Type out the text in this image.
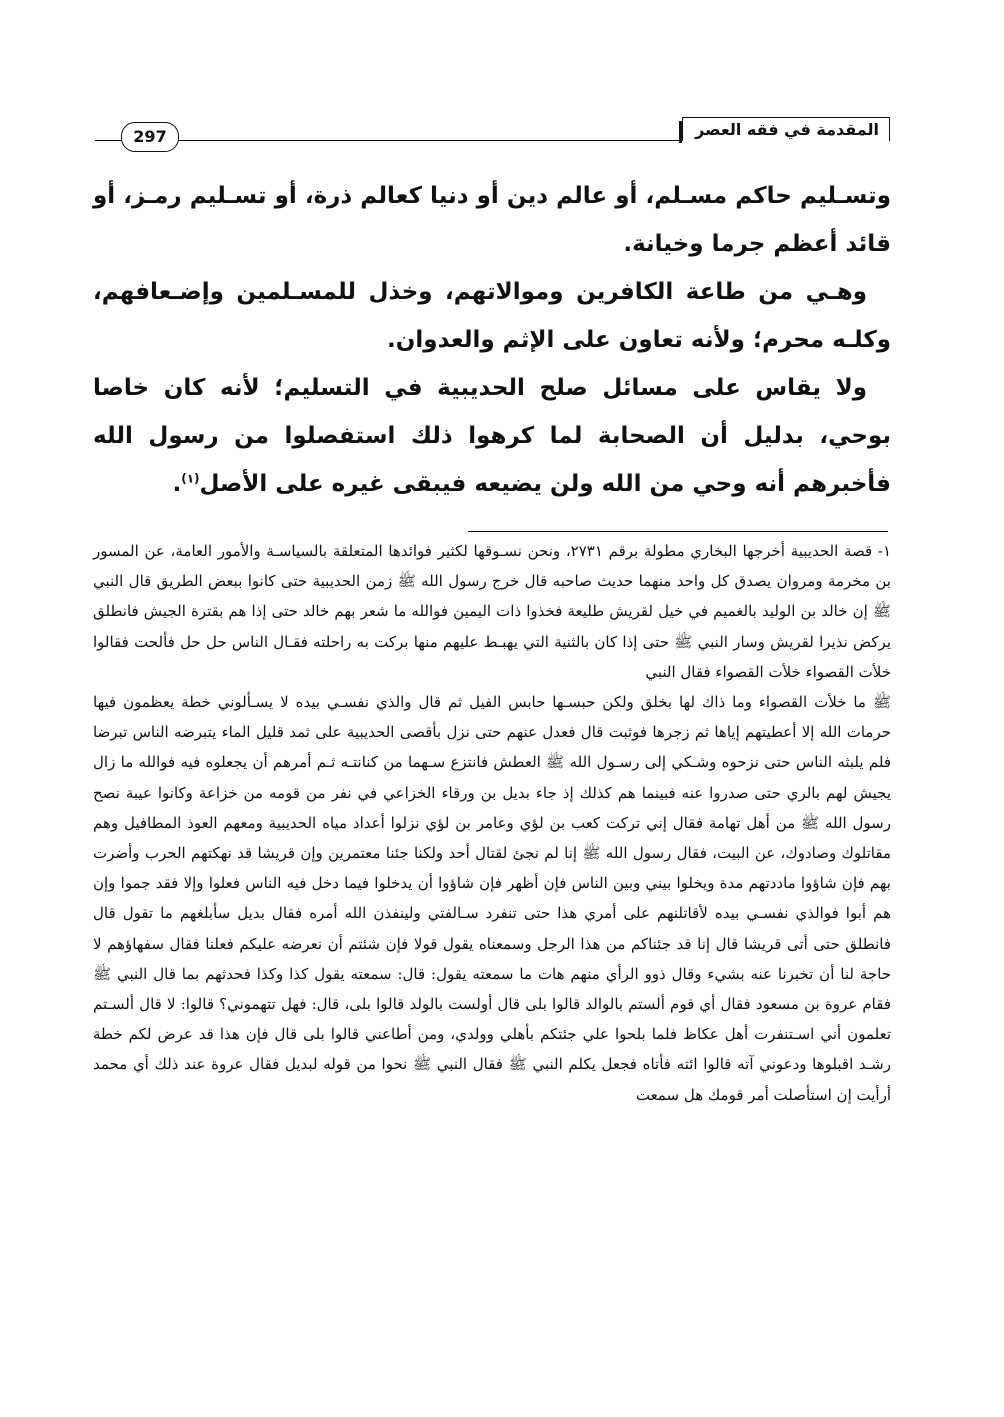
297	المقدمة في فقه العصر

وتسـليم حاكم مسـلم، أو عالم دين أو دنيا كعالم ذرة، أو تسـليم رمـز، أو قائد أعظم جرما وخيانة.

وهـي من طاعة الكافرين وموالاتهم، وخذل للمسـلمين وإضـعافهم، وكلـه محرم؛ ولأنه تعاون على الإثم والعدوان.

ولا يقاس على مسائل صلح الحديبية في التسليم؛ لأنه كان خاصا بوحي، بدليل أن الصحابة لما كرهوا ذلك استفصلوا من رسول الله فأخبرهم أنه وحي من الله ولن يضيعه فيبقى غيره على الأصل$^{(١)}$.

١- قصة الحديبية أخرجها البخاري مطولة برقم ٢٧٣١، ونحن نسـوقها لكثير فوائدها المتعلقة بالسياسـة والأمور العامة، عن المسور بن مخرمة ومروان يصدق كل واحد منهما حديث صاحبه قال خرج رسول الله ﷺ زمن الحديبية حتى كانوا ببعض الطريق قال النبي ﷺ إن خالد بن الوليد بالغميم في خيل لقريش طليعة فخذوا ذات اليمين فوالله ما شعر بهم خالد حتى إذا هم بقترة الجيش فانطلق يركض نذيرا لقريش وسار النبي ﷺ حتى إذا كان بالثنية التي يهبـط عليهم منها بركت به راحلته فقـال الناس حل حل فألحت فقالوا خلأت القصواء خلأت القصواء فقال النبي

ﷺ ما خلأت القصواء وما ذاك لها بخلق ولكن حبسـها حابس الفيل ثم قال والذي نفسـي بيده لا يسـألوني خطة يعظمون فيها حرمات الله إلا أعطيتهم إياها ثم زجرها فوثبت قال فعدل عنهم حتى نزل بأقصى الحديبية على ثمد قليل الماء يتبرضه الناس تبرضا فلم يلبثه الناس حتى نزحوه وشـكي إلى رسـول الله ﷺ العطش فانتزع سـهما من كنانتـه ثـم أمرهم أن يجعلوه فيه فوالله ما زال يجيش لهم بالري حتى صدروا عنه فبينما هم كذلك إذ جاء بديل بن ورقاء الخزاعي في نفر من قومه من خزاعة وكانوا عيبة نصح رسول الله ﷺ من أهل تهامة فقال إني تركت كعب بن لؤي وعامر بن لؤي نزلوا أعداد مياه الحديبية ومعهم العوذ المطافيل وهم مقاتلوك وصادوك، عن البيت، فقال رسول الله ﷺ إنا لم نجئ لقتال أحد ولكنا جئنا معتمرين وإن قريشا قد نهكتهم الحرب وأضرت بهم فإن شاؤوا ماددتهم مدة ويخلوا بيني وبين الناس فإن أظهر فإن شاؤوا أن يدخلوا فيما دخل فيه الناس فعلوا وإلا فقد جموا وإن هم أبوا فوالذي نفسـي بيده لأقاتلنهم على أمري هذا حتى تنفرد سـالفتي ولينفذن الله أمره فقال بديل سأبلغهم ما تقول قال فانطلق حتى أتى قريشا قال إنا قد جئناكم من هذا الرجل وسمعناه يقول قولا فإن شئتم أن نعرضه عليكم فعلنا فقال سفهاؤهم لا حاجة لنا أن تخبرنا عنه بشيء وقال ذوو الرأي منهم هات ما سمعته يقول: قال: سمعته يقول كذا وكذا فحدثهم بما قال النبي ﷺ فقام عروة بن مسعود فقال أي قوم ألستم بالوالد قالوا بلى قال أولست بالولد قالوا بلى، قال: فهل تتهموني؟ قالوا: لا قال ألسـتم تعلمون أني اسـتنفرت أهل عكاظ فلما بلحوا علي جئتكم بأهلي وولدي، ومن أطاعني قالوا بلى قال فإن هذا قد عرض لكم خطة رشـد اقبلوها ودعوني آته قالوا ائته فأتاه فجعل يكلم النبي ﷺ فقال النبي ﷺ نحوا من قوله لبديل فقال عروة عند ذلك أي محمد أرأيت إن استأصلت أمر قومك هل سمعت
